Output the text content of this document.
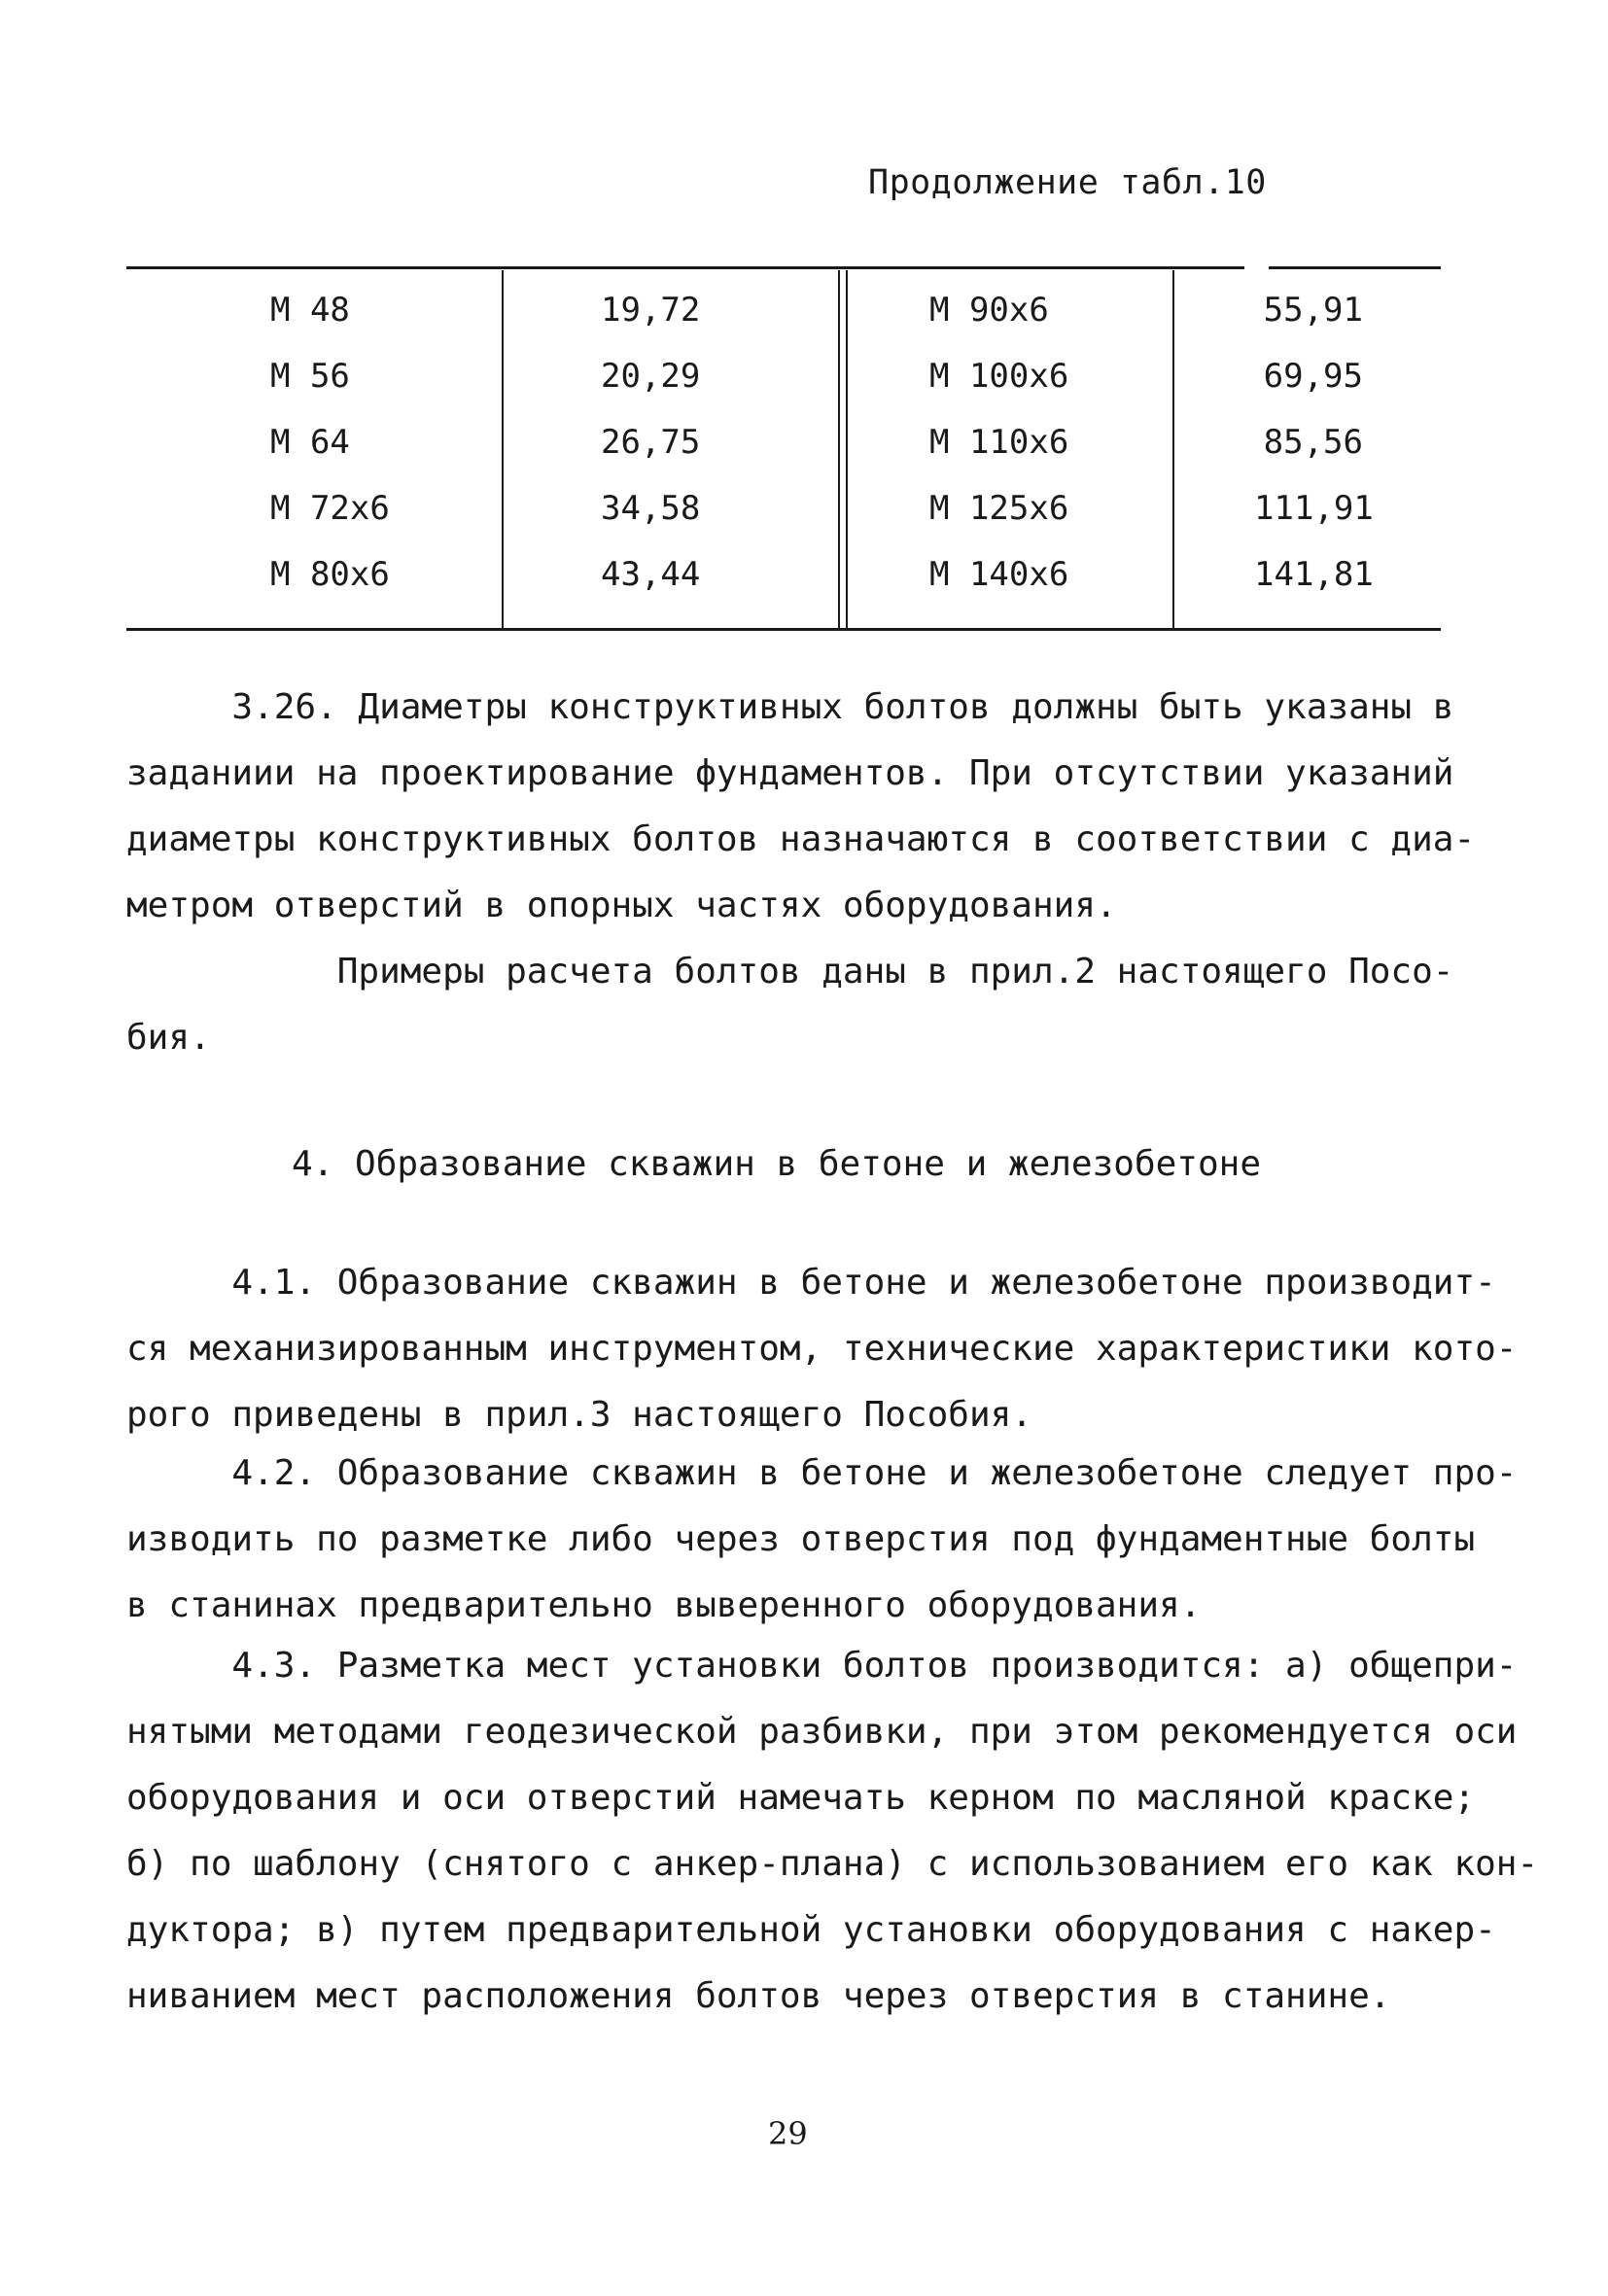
Продолжение табл.10
М 48
М 56
М 64
М 72х6
М 80х6
19,72
20,29
26,75
34,58
43,44
М 90х6
М 100х6
М 110х6
М 125х6
М 140х6
55,91
69,95
85,56
111,91
141,81
3.26. Диаметры конструктивных болтов должны быть указаны в
заданиии на проектирование фундаментов. При отсутствии указаний
диаметры конструктивных болтов назначаются в соответствии с диа-
метром отверстий в опорных частях оборудования.
Примеры расчета болтов даны в прил.2 настоящего Посо-
бия.
4. Образование скважин в бетоне и железобетоне
4.1. Образование скважин в бетоне и железобетоне производит-
ся механизированным инструментом, технические характеристики кото-
рого приведены в прил.3 настоящего Пособия.
4.2. Образование скважин в бетоне и железобетоне следует про-
изводить по разметке либо через отверстия под фундаментные болты
в станинах предварительно выверенного оборудования.
4.3. Разметка мест установки болтов производится: а) общепри-
нятыми методами геодезической разбивки, при этом рекомендуется оси
оборудования и оси отверстий намечать керном по масляной краске;
б) по шаблону (снятого с анкер-плана) с использованием его как кон-
дуктора; в) путем предварительной установки оборудования с накер-
ниванием мест расположения болтов через отверстия в станине.
29
